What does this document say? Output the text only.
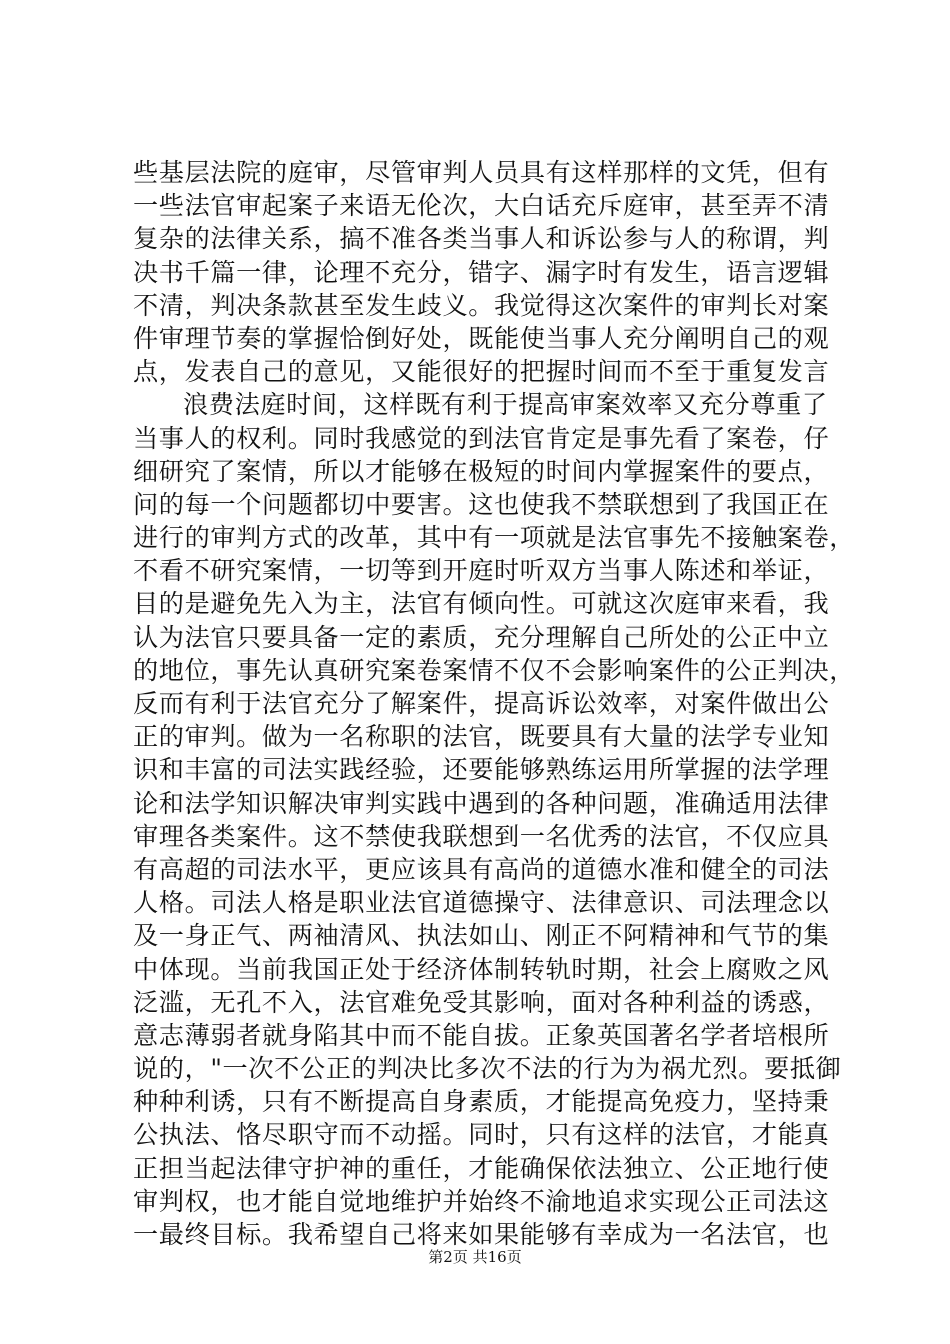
些基层法院的庭审，尽管审判人员具有这样那样的文凭，但有
一些法官审起案子来语无伦次，大白话充斥庭审，甚至弄不清
复杂的法律关系，搞不准各类当事人和诉讼参与人的称谓，判
决书千篇一律，论理不充分，错字、漏字时有发生，语言逻辑
不清，判决条款甚至发生歧义。我觉得这次案件的审判长对案
件审理节奏的掌握恰倒好处，既能使当事人充分阐明自己的观
点，发表自己的意见，又能很好的把握时间而不至于重复发言
浪费法庭时间，这样既有利于提高审案效率又充分尊重了
当事人的权利。同时我感觉的到法官肯定是事先看了案卷，仔
细研究了案情，所以才能够在极短的时间内掌握案件的要点，
问的每一个问题都切中要害。这也使我不禁联想到了我国正在
进行的审判方式的改革，其中有一项就是法官事先不接触案卷，
不看不研究案情，一切等到开庭时听双方当事人陈述和举证，
目的是避免先入为主，法官有倾向性。可就这次庭审来看，我
认为法官只要具备一定的素质，充分理解自己所处的公正中立
的地位，事先认真研究案卷案情不仅不会影响案件的公正判决，
反而有利于法官充分了解案件，提高诉讼效率，对案件做出公
正的审判。做为一名称职的法官，既要具有大量的法学专业知
识和丰富的司法实践经验，还要能够熟练运用所掌握的法学理
论和法学知识解决审判实践中遇到的各种问题，准确适用法律
审理各类案件。这不禁使我联想到一名优秀的法官，不仅应具
有高超的司法水平，更应该具有高尚的道德水准和健全的司法
人格。司法人格是职业法官道德操守、法律意识、司法理念以
及一身正气、两袖清风、执法如山、刚正不阿精神和气节的集
中体现。当前我国正处于经济体制转轨时期，社会上腐败之风
泛滥，无孔不入，法官难免受其影响，面对各种利益的诱惑，
意志薄弱者就身陷其中而不能自拔。正象英国著名学者培根所
说的，"一次不公正的判决比多次不法的行为为祸尤烈。要抵御
种种利诱，只有不断提高自身素质，才能提高免疫力，坚持秉
公执法、恪尽职守而不动摇。同时，只有这样的法官，才能真
正担当起法律守护神的重任，才能确保依法独立、公正地行使
审判权，也才能自觉地维护并始终不渝地追求实现公正司法这
一最终目标。我希望自己将来如果能够有幸成为一名法官，也
第2页 共16页
